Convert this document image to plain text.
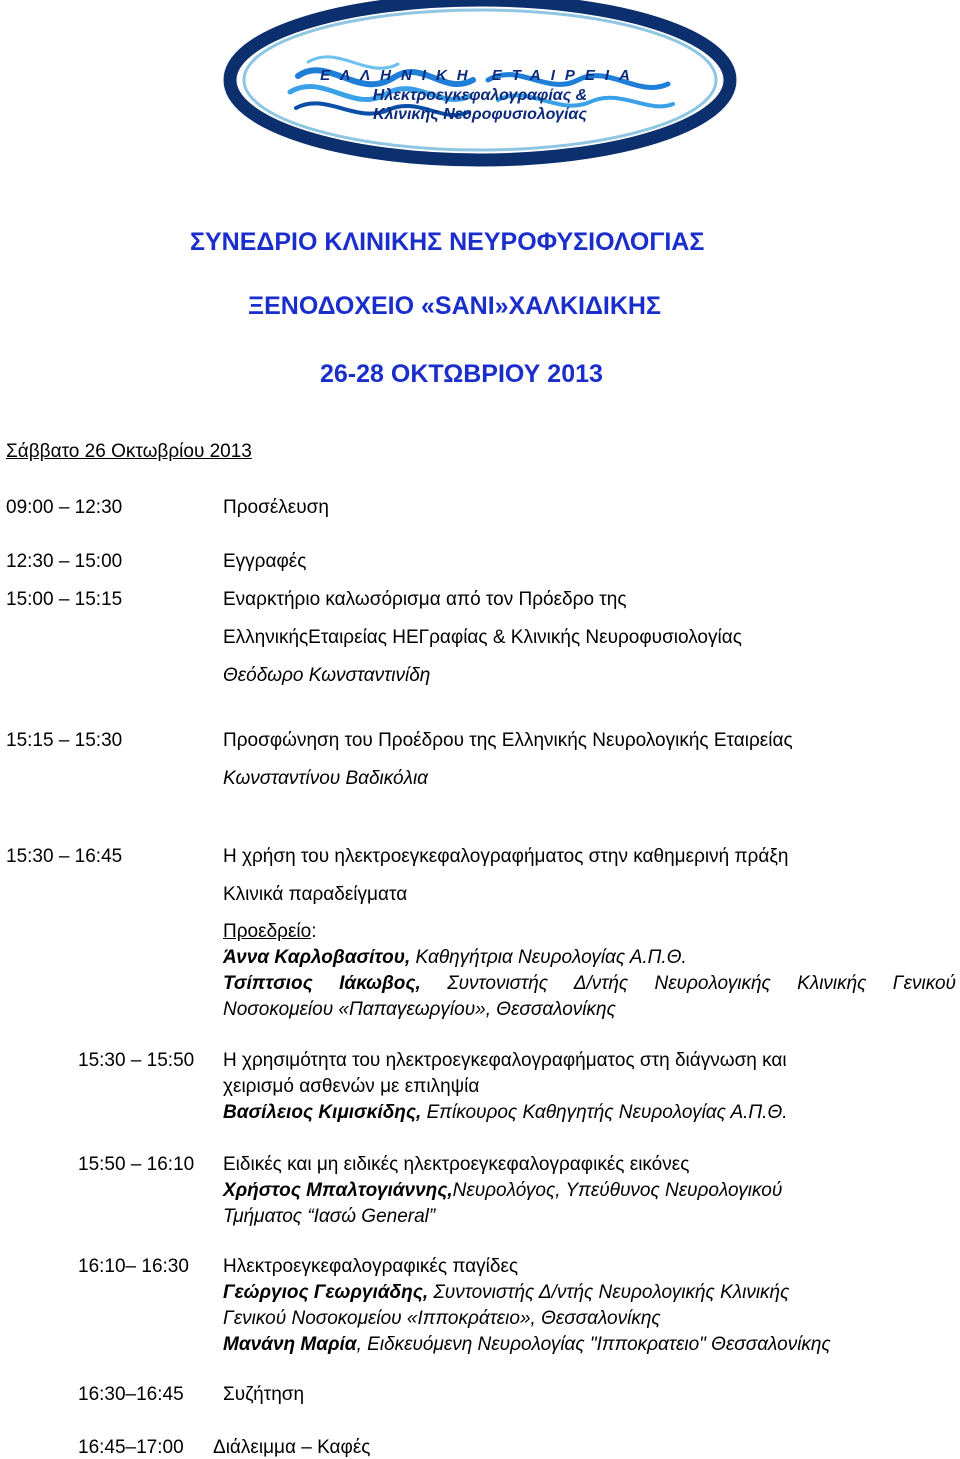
ΕΛΛΗΝΙΚΗ ΕΤΑΙΡΕΙΑ
Ηλεκτροεγκεφαλογραφίας &
Κλινικής Νευροφυσιολογίας
ΣΥΝΕΔΡΙΟ ΚΛΙΝΙΚΗΣ ΝΕΥΡΟΦΥΣΙΟΛΟΓΙΑΣ
ΞΕΝΟΔΟΧΕΙΟ «SANI»ΧΑΛΚΙΔΙΚΗΣ
26-28 ΟΚΤΩΒΡΙΟΥ 2013
Σάββατο 26 Οκτωβρίου 2013
09:00 – 12:30	Προσέλευση
12:30 – 15:00	Εγγραφές
15:00 – 15:15	Εναρκτήριο καλωσόρισμα από τον Πρόεδρο της
ΕλληνικήςΕταιρείας ΗΕΓραφίας & Κλινικής Νευροφυσιολογίας
Θεόδωρο Κωνσταντινίδη
15:15 – 15:30	Προσφώνηση του Προέδρου της Ελληνικής Νευρολογικής Εταιρείας
Κωνσταντίνου Βαδικόλια
15:30 – 16:45	Η χρήση του ηλεκτροεγκεφαλογραφήματος στην καθημερινή πράξη
Κλινικά παραδείγματα
Προεδρείο:
Άννα Καρλοβασίτου, Καθηγήτρια Νευρολογίας Α.Π.Θ.
Τσίπτσιος Ιάκωβος, Συντονιστής Δ/ντής Νευρολογικής Κλινικής Γενικού
Νοσοκομείου «Παπαγεωργίου», Θεσσαλονίκης
15:30 – 15:50 Η χρησιμότητα του ηλεκτροεγκεφαλογραφήματος στη διάγνωση και
χειρισμό ασθενών με επιληψία
Βασίλειος Κιμισκίδης, Επίκουρος Καθηγητής Νευρολογίας Α.Π.Θ.
15:50 – 16:10 Ειδικές και μη ειδικές ηλεκτροεγκεφαλογραφικές εικόνες
Χρήστος Μπαλτογιάννης,Νευρολόγος, Υπεύθυνος Νευρολογικού
Τμήματος “Ιασώ General”
16:10– 16:30 Ηλεκτροεγκεφαλογραφικές παγίδες
Γεώργιος Γεωργιάδης, Συντονιστής Δ/ντής Νευρολογικής Κλινικής
Γενικού Νοσοκομείου «Ιπποκράτειο», Θεσσαλονίκης
Μανάνη Μαρία, Ειδκευόμενη Νευρολογίας "Ιπποκρατειο" Θεσσαλονίκης
16:30–16:45 Συζήτηση
16:45–17:00 Διάλειμμα – Καφές
